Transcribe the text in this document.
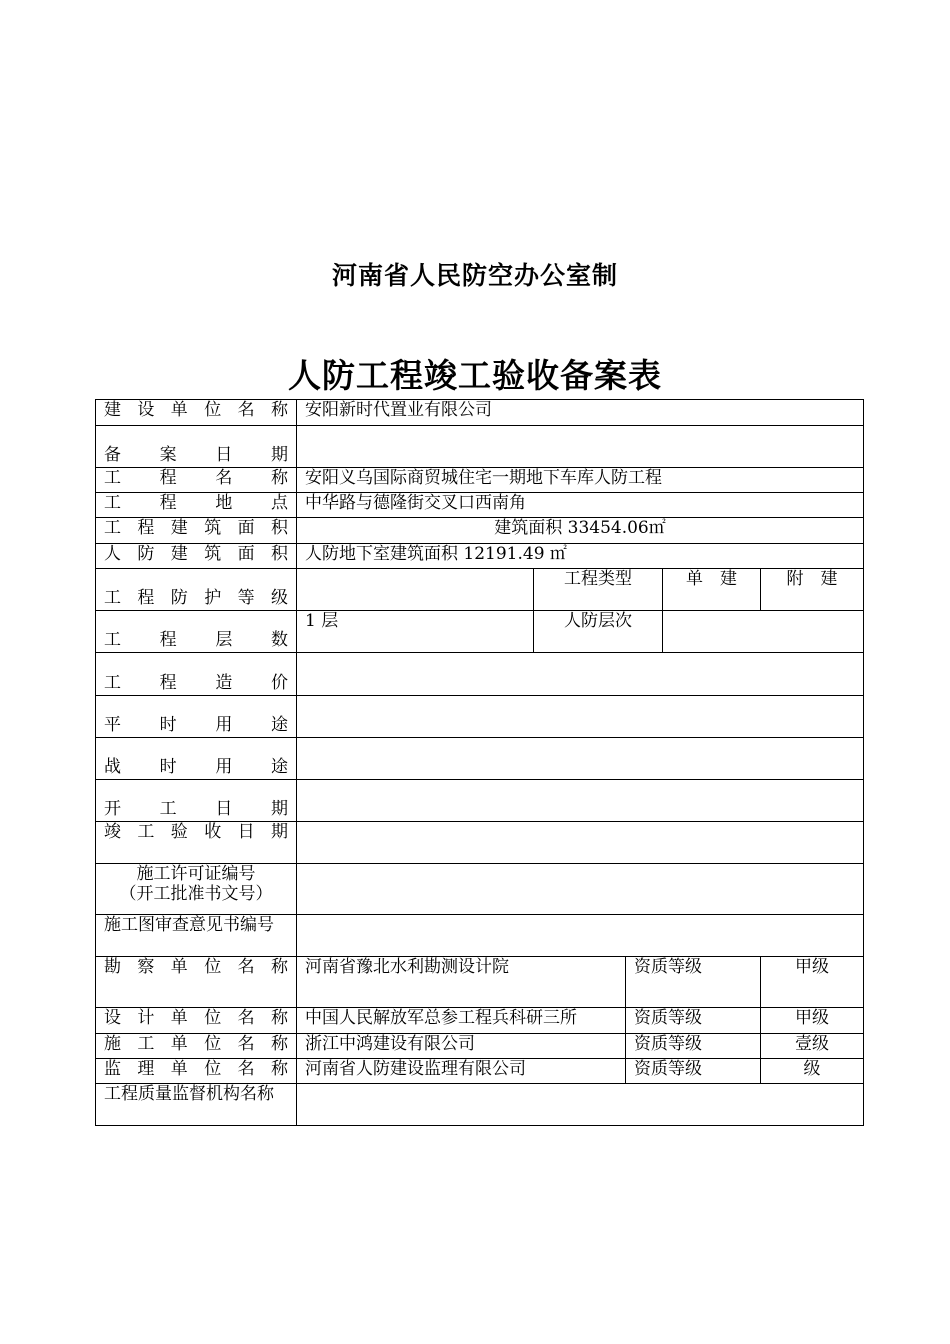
河南省人民防空办公室制
人防工程竣工验收备案表
建设单位名称	安阳新时代置业有限公司				
备案日期					
工程名称	安阳义乌国际商贸城住宅一期地下车库人防工程				
工程地点	中华路与德隆街交叉口西南角				
工程建筑面积	建筑面积 33454.06㎡				
人防建筑面积	人防地下室建筑面积 12191.49 ㎡				
工程防护等级		工程类型		单　建	附　建
工程层数	1 层	人防层次			
工程造价					
平时用途					
战时用途					
开工日期					
竣工验收日期					

施工许可证编号
（开工批准书文号）					

施工图审查意见书编号					
勘察单位名称	河南省豫北水利勘测设计院		资质等级		甲级
设计单位名称	中国人民解放军总参工程兵科研三所		资质等级		甲级
施工单位名称	浙江中鸿建设有限公司		资质等级		壹级
监理单位名称	河南省人防建设监理有限公司		资质等级		级
工程质量监督机构名称					
